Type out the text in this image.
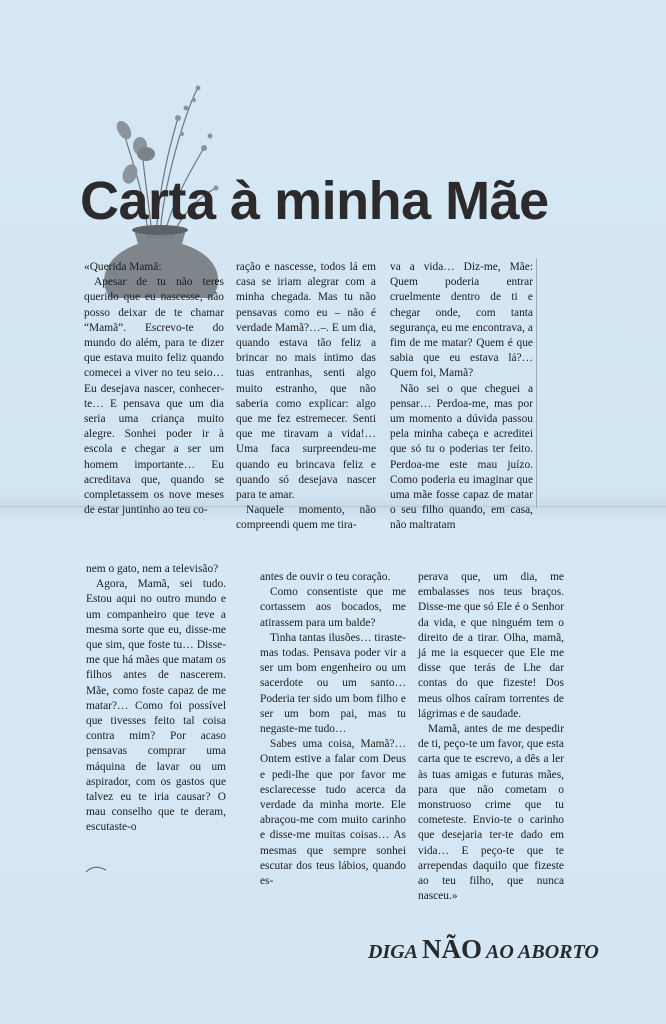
Carta à minha Mãe

«Querida Mamã:

Apesar de tu não teres querido que eu nascesse, não posso deixar de te chamar “Mamã”. Escrevo-te do mundo do além, para te dizer que estava muito feliz quando comecei a viver no teu seio… Eu desejava nascer, conhecer-te… E pensava que um dia seria uma criança muito alegre. Sonhei poder ir à escola e chegar a ser um homem importante… Eu acreditava que, quando se completassem os nove meses de estar juntinho ao teu co-

ração e nascesse, todos lá em casa se iriam alegrar com a minha chegada. Mas tu não pensavas como eu – não é verdade Mamã?…–. E um dia, quando estava tão feliz a brincar no mais íntimo das tuas entranhas, senti algo muito estranho, que não saberia como explicar: algo que me fez estremecer. Senti que me tiravam a vida!… Uma faca surpreendeu-me quando eu brincava feliz e quando só desejava nascer para te amar.

Naquele momento, não compreendi quem me tira-

va a vida… Diz-me, Mãe: Quem poderia entrar cruelmente dentro de ti e chegar onde, com tanta segurança, eu me encontrava, a fim de me matar? Quem é que sabia que eu estava lá?… Quem foi, Mamã?

Não sei o que cheguei a pensar… Perdoa-me, mas por um momento a dúvida passou pela minha cabeça e acreditei que só tu o poderias ter feito. Perdoa-me este mau juízo. Como poderia eu imaginar que uma mãe fosse capaz de matar o seu filho quando, em casa, não maltratam

nem o gato, nem a televisão?

Agora, Mamã, sei tudo. Estou aqui no outro mundo e um companheiro que teve a mesma sorte que eu, disse-me que sim, que foste tu… Disse-me que há mães que matam os filhos antes de nascerem. Mãe, como foste capaz de me matar?… Como foi possível que tivesses feito tal coisa contra mim? Por acaso pensavas comprar uma máquina de lavar ou um aspirador, com os gastos que talvez eu te iria causar? O mau conselho que te deram, escutaste-o

antes de ouvir o teu coração.

Como consentiste que me cortassem aos bocados, me atirassem para um balde?

Tinha tantas ilusões… tiraste-mas todas. Pensava poder vir a ser um bom engenheiro ou um sacerdote ou um santo… Poderia ter sido um bom filho e ser um bom pai, mas tu negaste-me tudo…

Sabes uma coisa, Mamã?… Ontem estive a falar com Deus e pedi-lhe que por favor me esclarecesse tudo acerca da verdade da minha morte. Ele abraçou-me com muito carinho e disse-me muitas coisas… As mesmas que sempre sonhei escutar dos teus lábios, quando es-

perava que, um dia, me embalasses nos teus braços. Disse-me que só Ele é o Senhor da vida, e que ninguém tem o direito de a tirar. Olha, mamã, já me ia esquecer que Ele me disse que terás de Lhe dar contas do que fizeste! Dos meus olhos caíram torrentes de lágrimas e de saudade.

Mamã, antes de me despedir de ti, peço-te um favor, que esta carta que te escrevo, a dês a ler às tuas amigas e futuras mães, para que não cometam o monstruoso crime que tu cometeste. Envio-te o carinho que desejaria ter-te dado em vida… E peço-te que te arrependas daquilo que fizeste ao teu filho, que nunca nasceu.»

DIGA NÃO AO ABORTO
